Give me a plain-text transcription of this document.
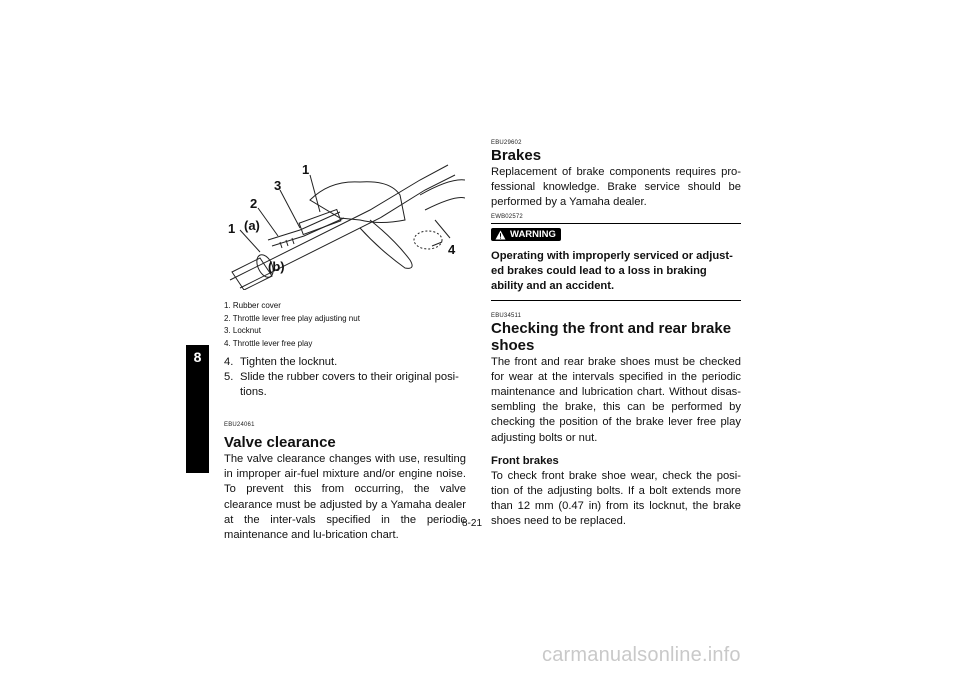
8
1
3
2
1 (a)
(b)
4
1. Rubber cover
2. Throttle lever free play adjusting nut
3. Locknut
4. Throttle lever free play
4. Tighten the locknut.
5. Slide the rubber covers to their original posi-tions.
EBU24061
Valve clearance
The valve clearance changes with use, resulting in improper air-fuel mixture and/or engine noise. To prevent this from occurring, the valve clearance must be adjusted by a Yamaha dealer at the inter-vals specified in the periodic maintenance and lu-brication chart.
EBU29602
Brakes
Replacement of brake components requires pro-fessional knowledge. Brake service should be performed by a Yamaha dealer.
EWB02572
WARNING
Operating with improperly serviced or adjust-ed brakes could lead to a loss in braking ability and an accident.
EBU34511
Checking the front and rear brake shoes
The front and rear brake shoes must be checked for wear at the intervals specified in the periodic maintenance and lubrication chart. Without disas-sembling the brake, this can be performed by checking the position of the brake lever free play adjusting bolts or nut.
Front brakes
To check front brake shoe wear, check the posi-tion of the adjusting bolts. If a bolt extends more than 12 mm (0.47 in) from its locknut, the brake shoes need to be replaced.
8-21
carmanualsonline.info
